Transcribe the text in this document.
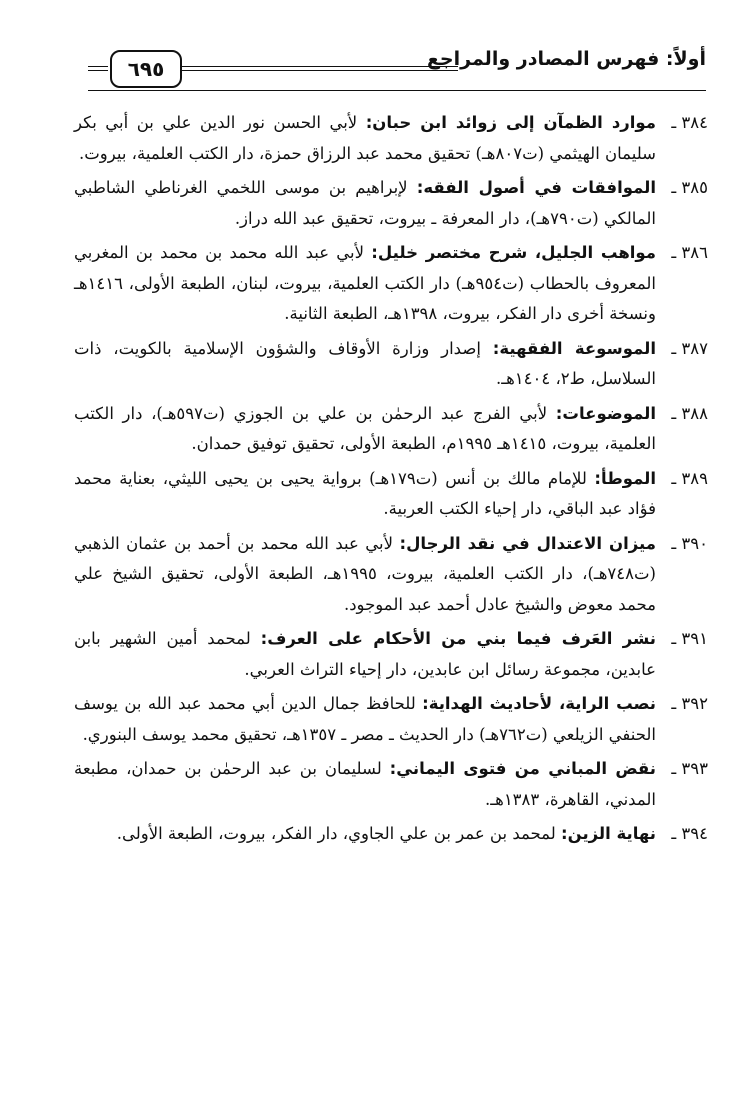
أولاً: فهرس المصادر والمراجع
٦٩٥
٣٨٤ ـ
موارد الظمآن إلى زوائد ابن حبان: لأبي الحسن نور الدين علي بن أبي بكر سليمان الهيثمي (ت٨٠٧هـ) تحقيق محمد عبد الرزاق حمزة، دار الكتب العلمية، بيروت.
٣٨٥ ـ
الموافقات في أصول الفقه: لإبراهيم بن موسى اللخمي الغرناطي الشاطبي المالكي (ت٧٩٠هـ)، دار المعرفة ـ بيروت، تحقيق عبد الله دراز.
٣٨٦ ـ
مواهب الجليل، شرح مختصر خليل: لأبي عبد الله محمد بن محمد بن المغربي المعروف بالحطاب (ت٩٥٤هـ) دار الكتب العلمية، بيروت، لبنان، الطبعة الأولى، ١٤١٦هـ ونسخة أخرى دار الفكر، بيروت، ١٣٩٨هـ، الطبعة الثانية.
٣٨٧ ـ
الموسوعة الفقهية: إصدار وزارة الأوقاف والشؤون الإسلامية بالكويت، ذات السلاسل، ط٢، ١٤٠٤هـ.
٣٨٨ ـ
الموضوعات: لأبي الفرج عبد الرحمٰن بن علي بن الجوزي (ت٥٩٧هـ)، دار الكتب العلمية، بيروت، ١٤١٥هـ ١٩٩٥م، الطبعة الأولى، تحقيق توفيق حمدان.
٣٨٩ ـ
الموطأ: للإمام مالك بن أنس (ت١٧٩هـ) برواية يحيى بن يحيى الليثي، بعناية محمد فؤاد عبد الباقي، دار إحياء الكتب العربية.
٣٩٠ ـ
ميزان الاعتدال في نقد الرجال: لأبي عبد الله محمد بن أحمد بن عثمان الذهبي (ت٧٤٨هـ)، دار الكتب العلمية، بيروت، ١٩٩٥هـ، الطبعة الأولى، تحقيق الشيخ علي محمد معوض والشيخ عادل أحمد عبد الموجود.
٣٩١ ـ
نشر العَرف فيما بني من الأحكام على العرف: لمحمد أمين الشهير بابن عابدين، مجموعة رسائل ابن عابدين، دار إحياء التراث العربي.
٣٩٢ ـ
نصب الراية، لأحاديث الهداية: للحافظ جمال الدين أبي محمد عبد الله بن يوسف الحنفي الزيلعي (ت٧٦٢هـ) دار الحديث ـ مصر ـ ١٣٥٧هـ، تحقيق محمد يوسف البنوري.
٣٩٣ ـ
نقض المباني من فتوى اليماني: لسليمان بن عبد الرحمٰن بن حمدان، مطبعة المدني، القاهرة، ١٣٨٣هـ.
٣٩٤ ـ
نهاية الزين: لمحمد بن عمر بن علي الجاوي، دار الفكر، بيروت، الطبعة الأولى.
